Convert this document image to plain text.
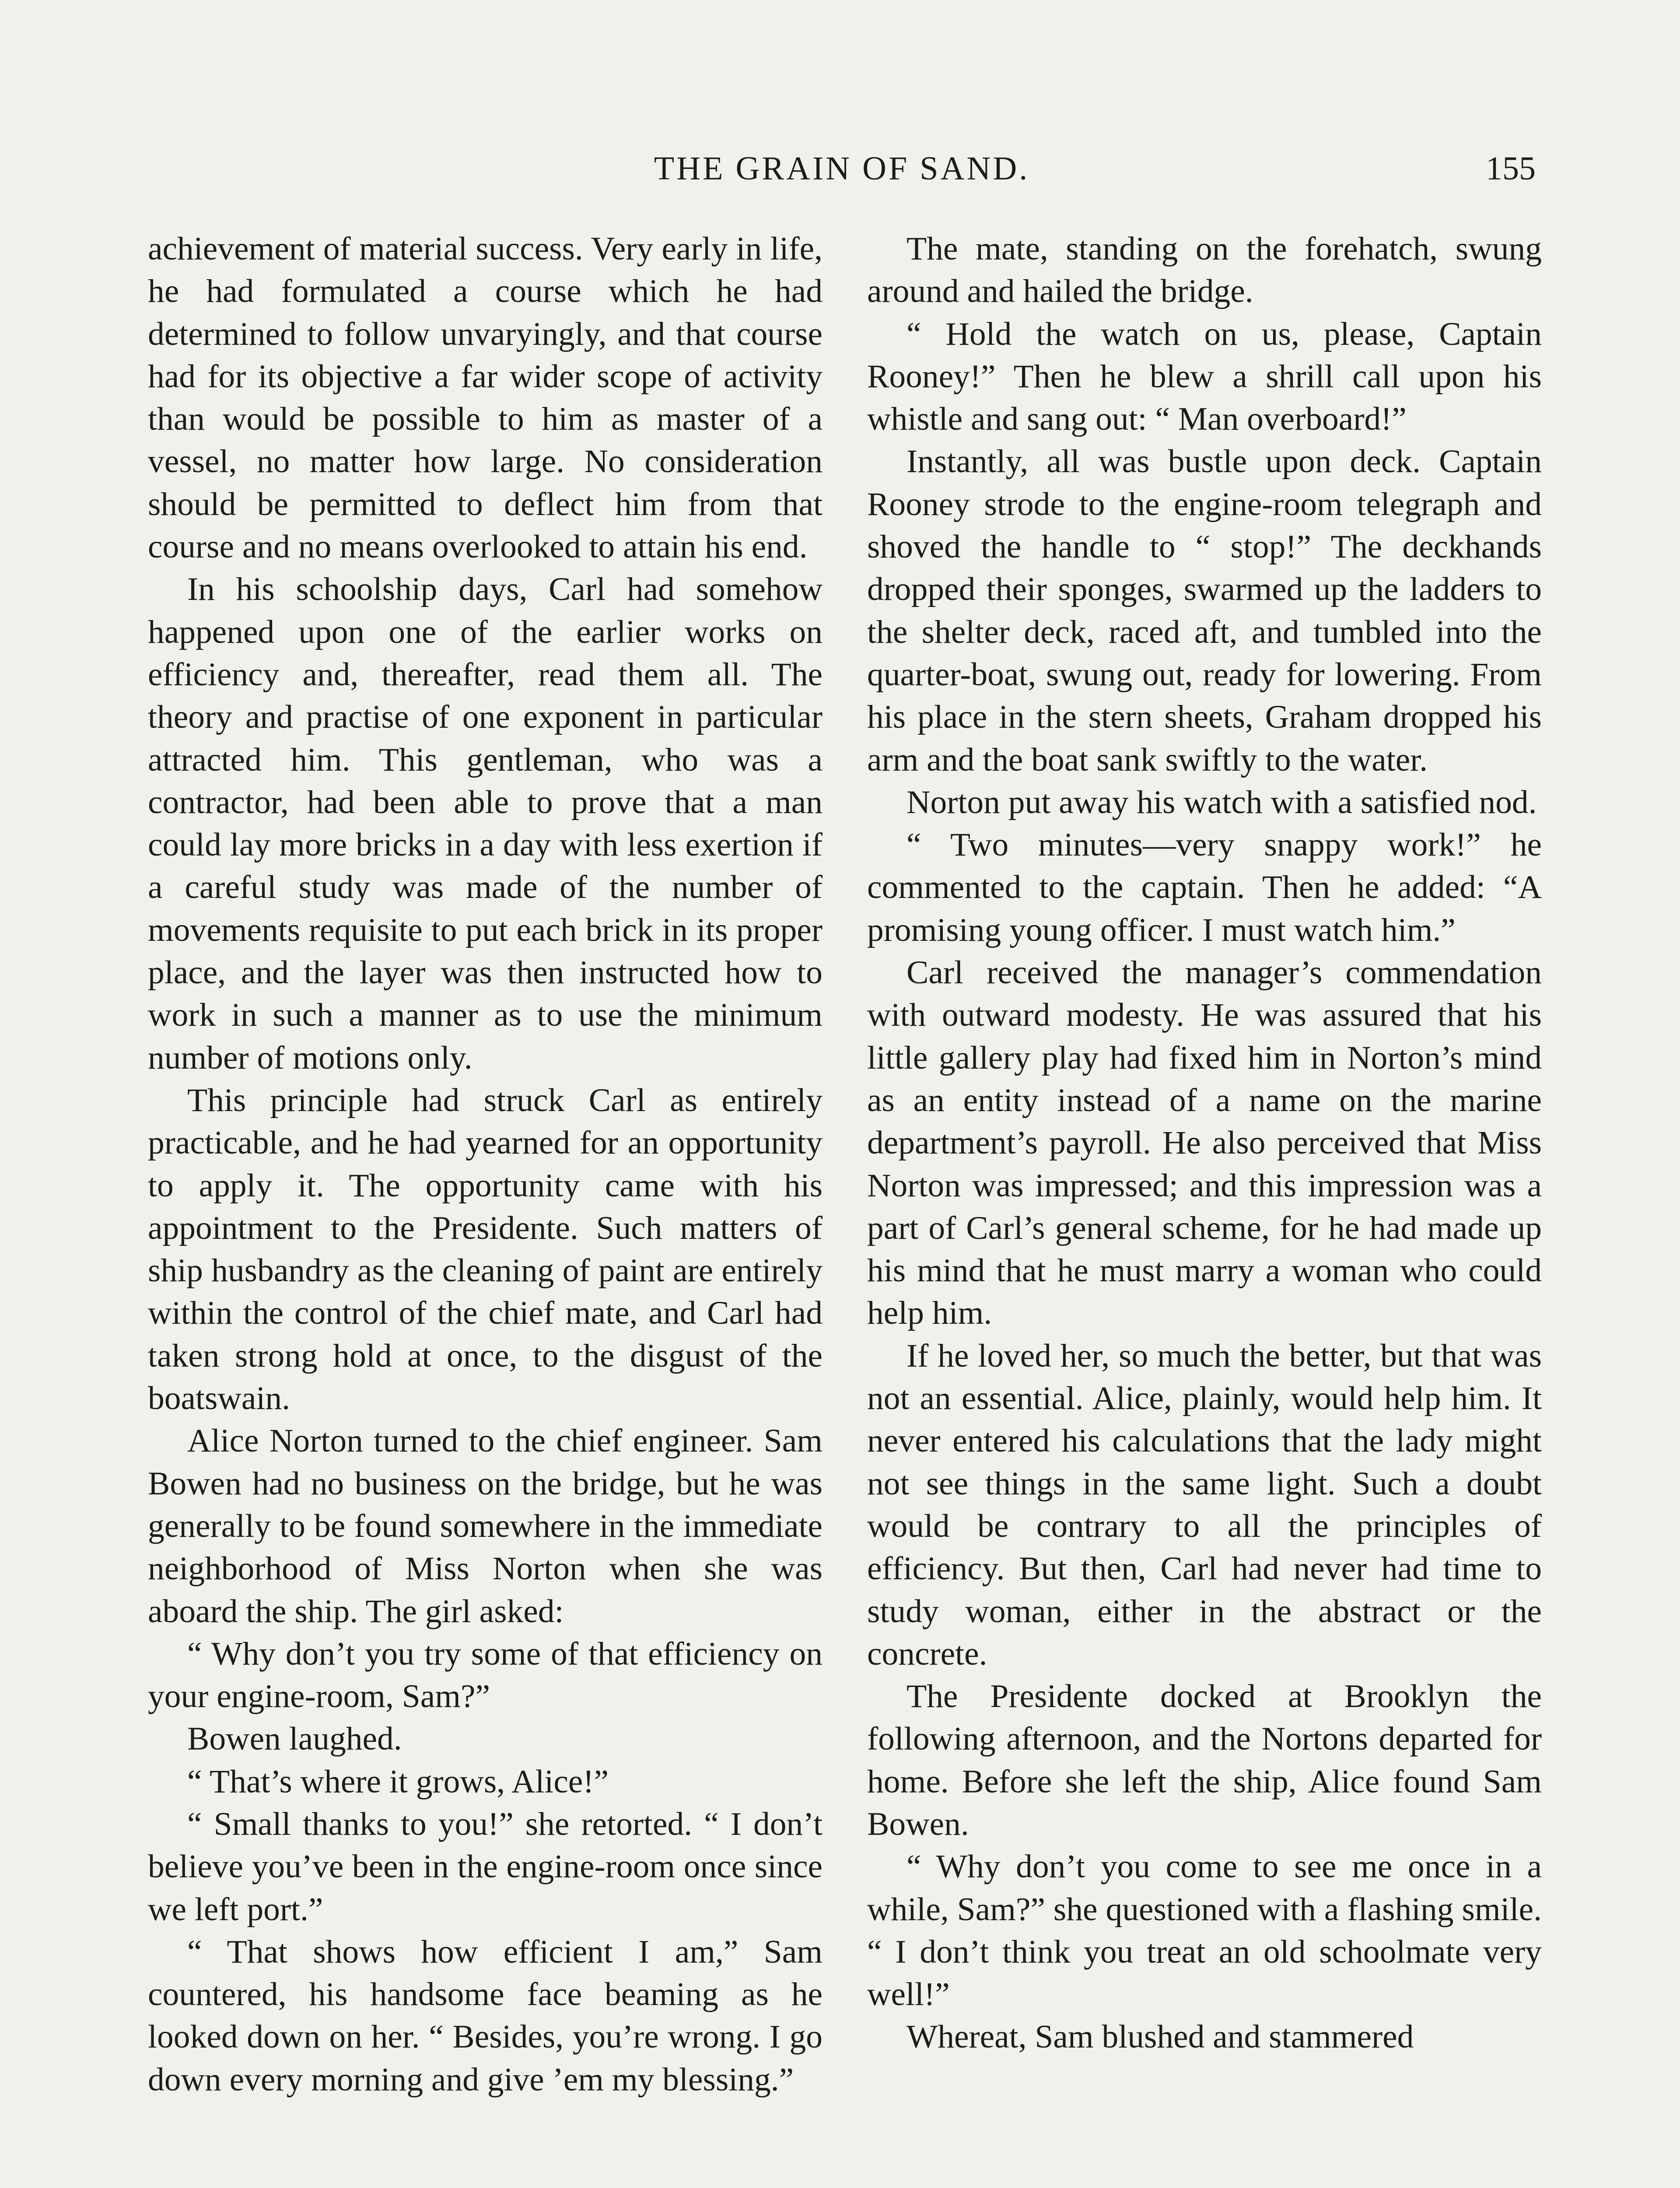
THE GRAIN OF SAND.	155

achievement of material success. Very early in life, he had formulated a course which he had determined to follow unvaryingly, and that course had for its objective a far wider scope of activity than would be possible to him as master of a vessel, no matter how large. No consideration should be permitted to deflect him from that course and no means overlooked to attain his end.

In his schoolship days, Carl had somehow happened upon one of the earlier works on efficiency and, thereafter, read them all. The theory and practise of one exponent in particular attracted him. This gentleman, who was a contractor, had been able to prove that a man could lay more bricks in a day with less exertion if a careful study was made of the number of movements requisite to put each brick in its proper place, and the layer was then instructed how to work in such a manner as to use the minimum number of motions only.

This principle had struck Carl as entirely practicable, and he had yearned for an opportunity to apply it. The opportunity came with his appointment to the Presidente. Such matters of ship husbandry as the cleaning of paint are entirely within the control of the chief mate, and Carl had taken strong hold at once, to the disgust of the boatswain.

Alice Norton turned to the chief engineer. Sam Bowen had no business on the bridge, but he was generally to be found somewhere in the immediate neighborhood of Miss Norton when she was aboard the ship. The girl asked:

“ Why don’t you try some of that efficiency on your engine-room, Sam?”

Bowen laughed.

“ That’s where it grows, Alice!”

“ Small thanks to you!” she retorted. “ I don’t believe you’ve been in the engine-room once since we left port.”

“ That shows how efficient I am,” Sam countered, his handsome face beaming as he looked down on her. “ Besides, you’re wrong. I go down every morning and give ’em my blessing.”

The mate, standing on the forehatch, swung around and hailed the bridge.

“ Hold the watch on us, please, Captain Rooney!” Then he blew a shrill call upon his whistle and sang out: “ Man overboard!”

Instantly, all was bustle upon deck. Captain Rooney strode to the engine-room telegraph and shoved the handle to “ stop!” The deckhands dropped their sponges, swarmed up the ladders to the shelter deck, raced aft, and tumbled into the quarter-boat, swung out, ready for lowering. From his place in the stern sheets, Graham dropped his arm and the boat sank swiftly to the water.

Norton put away his watch with a satisfied nod.

“ Two minutes—very snappy work!” he commented to the captain. Then he added: “A promising young officer. I must watch him.”

Carl received the manager’s commendation with outward modesty. He was assured that his little gallery play had fixed him in Norton’s mind as an entity instead of a name on the marine department’s payroll. He also perceived that Miss Norton was impressed; and this impression was a part of Carl’s general scheme, for he had made up his mind that he must marry a woman who could help him.

If he loved her, so much the better, but that was not an essential. Alice, plainly, would help him. It never entered his calculations that the lady might not see things in the same light. Such a doubt would be contrary to all the principles of efficiency. But then, Carl had never had time to study woman, either in the abstract or the concrete.

The Presidente docked at Brooklyn the following afternoon, and the Nortons departed for home. Before she left the ship, Alice found Sam Bowen.

“ Why don’t you come to see me once in a while, Sam?” she questioned with a flashing smile. “ I don’t think you treat an old schoolmate very well!”

Whereat, Sam blushed and stammered
